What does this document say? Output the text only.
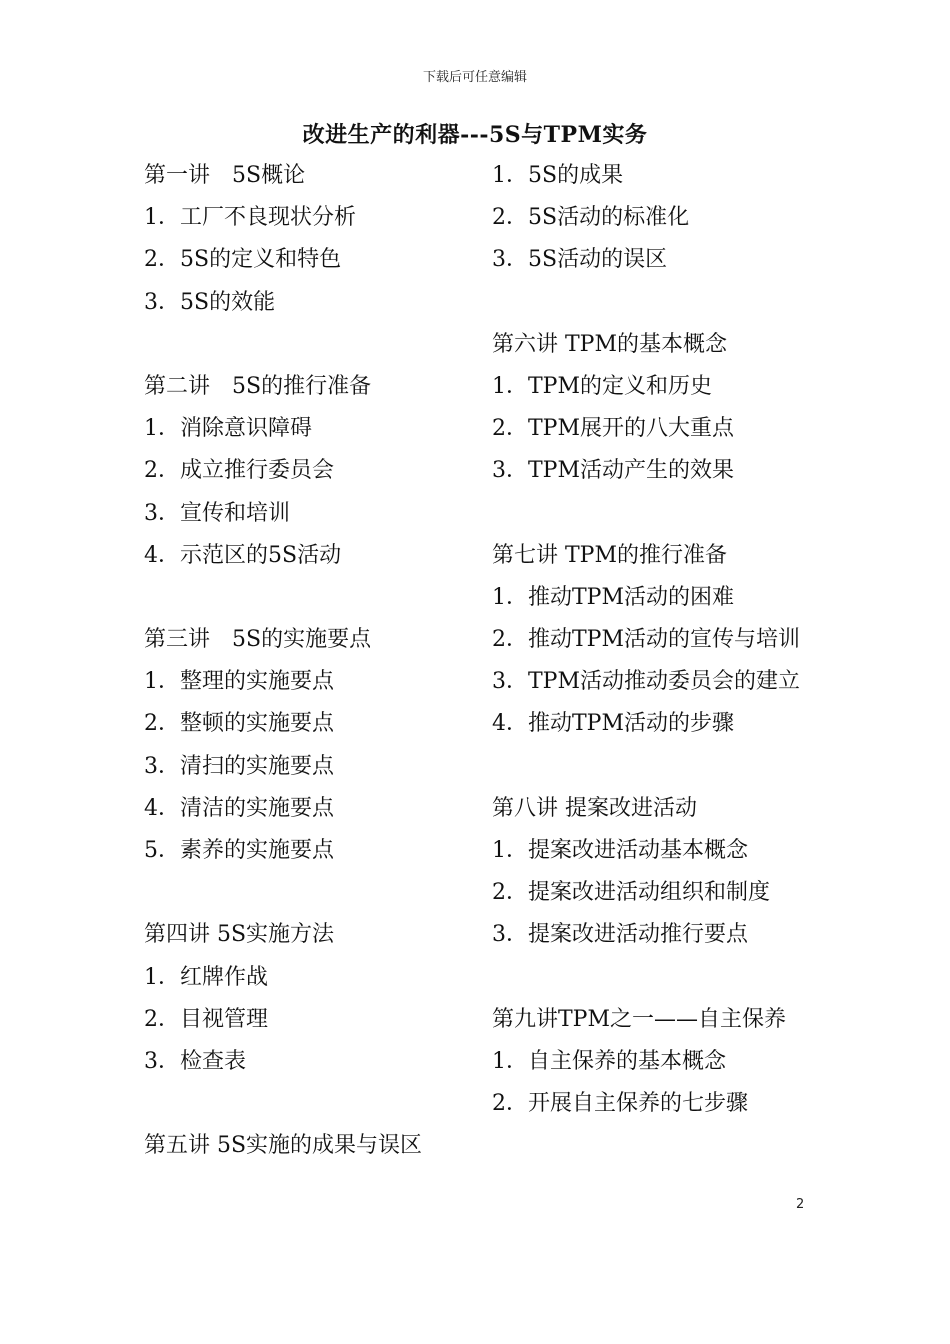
下载后可任意编辑
改进生产的利器---5S与TPM实务
第一讲　5S概论
1．工厂不良现状分析
2．5S的定义和特色
3．5S的效能
第二讲　5S的推行准备
1．消除意识障碍
2．成立推行委员会
3．宣传和培训
4．示范区的5S活动
第三讲　5S的实施要点
1．整理的实施要点
2．整顿的实施要点
3．清扫的实施要点
4．清洁的实施要点
5．素养的实施要点
第四讲 5S实施方法
1．红牌作战
2．目视管理
3．检查表
第五讲 5S实施的成果与误区
1．5S的成果
2．5S活动的标准化
3．5S活动的误区
第六讲 TPM的基本概念
1．TPM的定义和历史
2．TPM展开的八大重点
3．TPM活动产生的效果
第七讲 TPM的推行准备
1．推动TPM活动的困难
2．推动TPM活动的宣传与培训
3．TPM活动推动委员会的建立
4．推动TPM活动的步骤
第八讲 提案改进活动
1．提案改进活动基本概念
2．提案改进活动组织和制度
3．提案改进活动推行要点
第九讲TPM之一——自主保养
1．自主保养的基本概念
2．开展自主保养的七步骤
2
